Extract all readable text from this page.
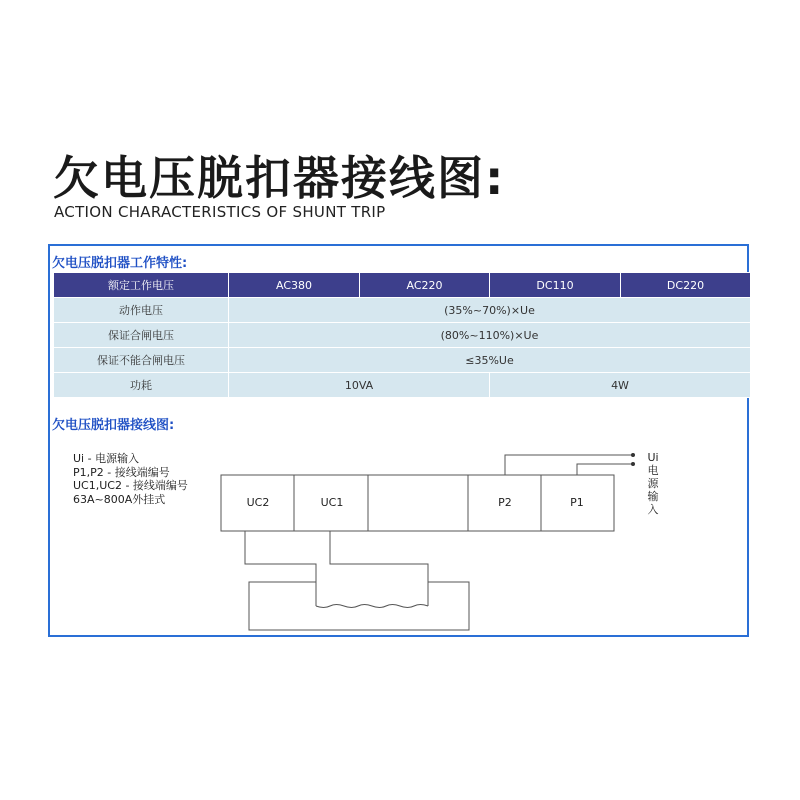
欠电压脱扣器接线图:
ACTION CHARACTERISTICS OF SHUNT TRIP
欠电压脱扣器工作特性:
额定工作电压	AC380	AC220	DC110	DC220
动作电压	(35%~70%)×Ue			
保证合闸电压	(80%~110%)×Ue			
保证不能合闸电压	≤35%Ue			
功耗	10VA		4W	
欠电压脱扣器接线图:
Ui - 电源输入
P1,P2 - 接线端编号
UC1,UC2 - 接线端编号
63A~800A外挂式	UC2	UC1	P2	P1
Ui
电源输入
